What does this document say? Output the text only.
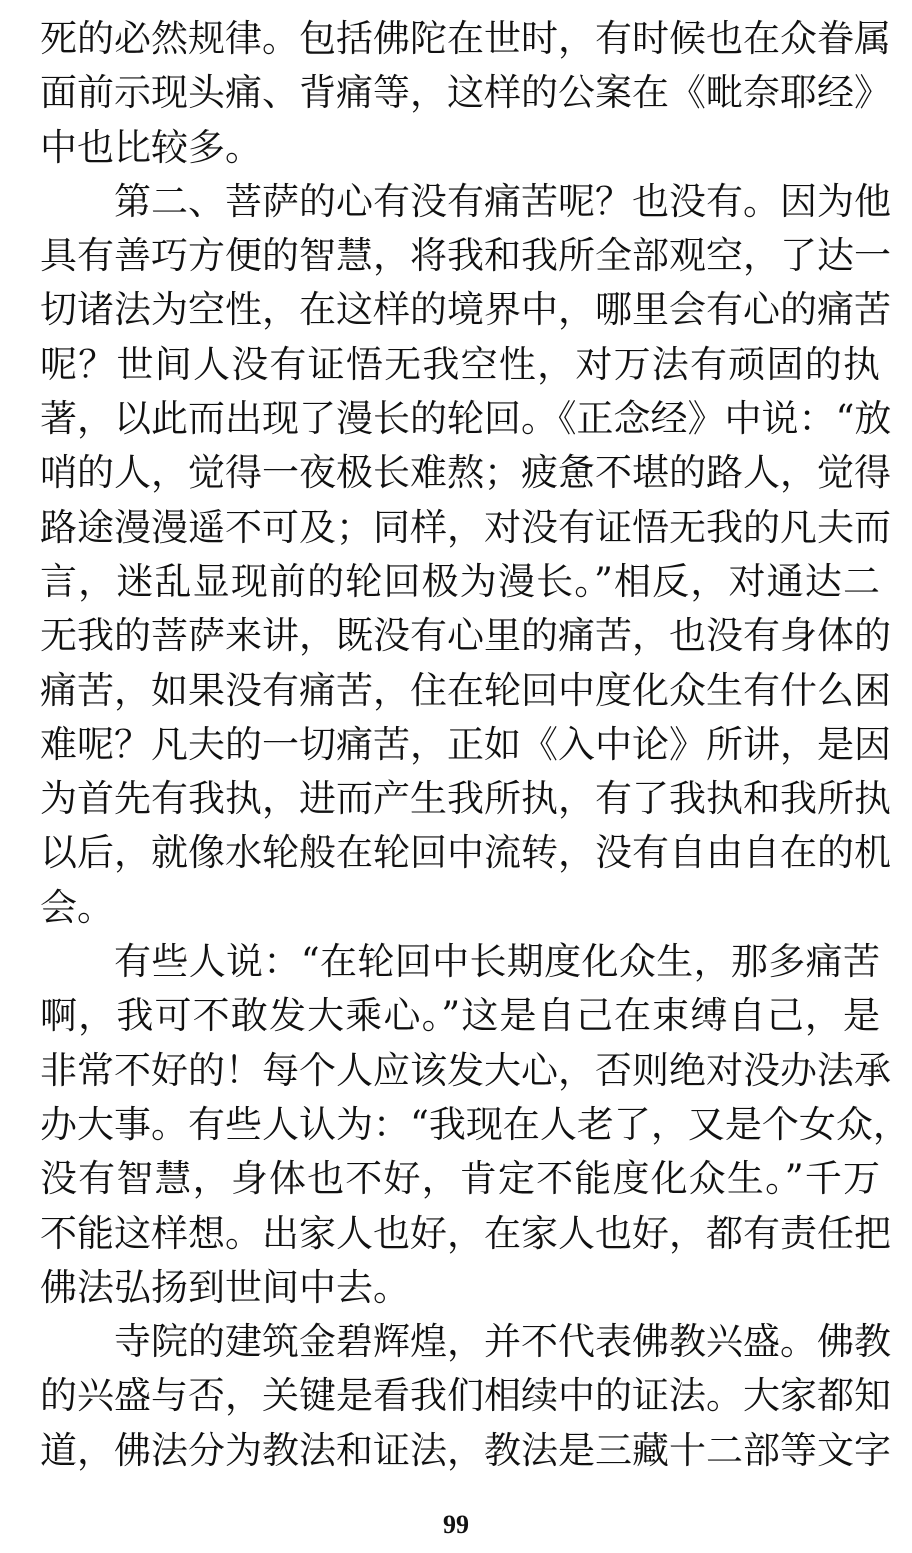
死的必然规律。包括佛陀在世时，有时候也在众眷属
面前示现头痛、背痛等，这样的公案在《毗奈耶经》
中也比较多。
第二、菩萨的心有没有痛苦呢？也没有。因为他
具有善巧方便的智慧，将我和我所全部观空，了达一
切诸法为空性，在这样的境界中，哪里会有心的痛苦
呢？世间人没有证悟无我空性，对万法有顽固的执
著，以此而出现了漫长的轮回。《正念经》中说：“放
哨的人，觉得一夜极长难熬；疲惫不堪的路人，觉得
路途漫漫遥不可及；同样，对没有证悟无我的凡夫而
言，迷乱显现前的轮回极为漫长。”相反，对通达二
无我的菩萨来讲，既没有心里的痛苦，也没有身体的
痛苦，如果没有痛苦，住在轮回中度化众生有什么困
难呢？凡夫的一切痛苦，正如《入中论》所讲，是因
为首先有我执，进而产生我所执，有了我执和我所执
以后，就像水轮般在轮回中流转，没有自由自在的机
会。
有些人说：“在轮回中长期度化众生，那多痛苦
啊，我可不敢发大乘心。”这是自己在束缚自己，是
非常不好的！每个人应该发大心，否则绝对没办法承
办大事。有些人认为：“我现在人老了，又是个女众，
没有智慧，身体也不好，肯定不能度化众生。”千万
不能这样想。出家人也好，在家人也好，都有责任把
佛法弘扬到世间中去。
寺院的建筑金碧辉煌，并不代表佛教兴盛。佛教
的兴盛与否，关键是看我们相续中的证法。大家都知
道，佛法分为教法和证法，教法是三藏十二部等文字
99
